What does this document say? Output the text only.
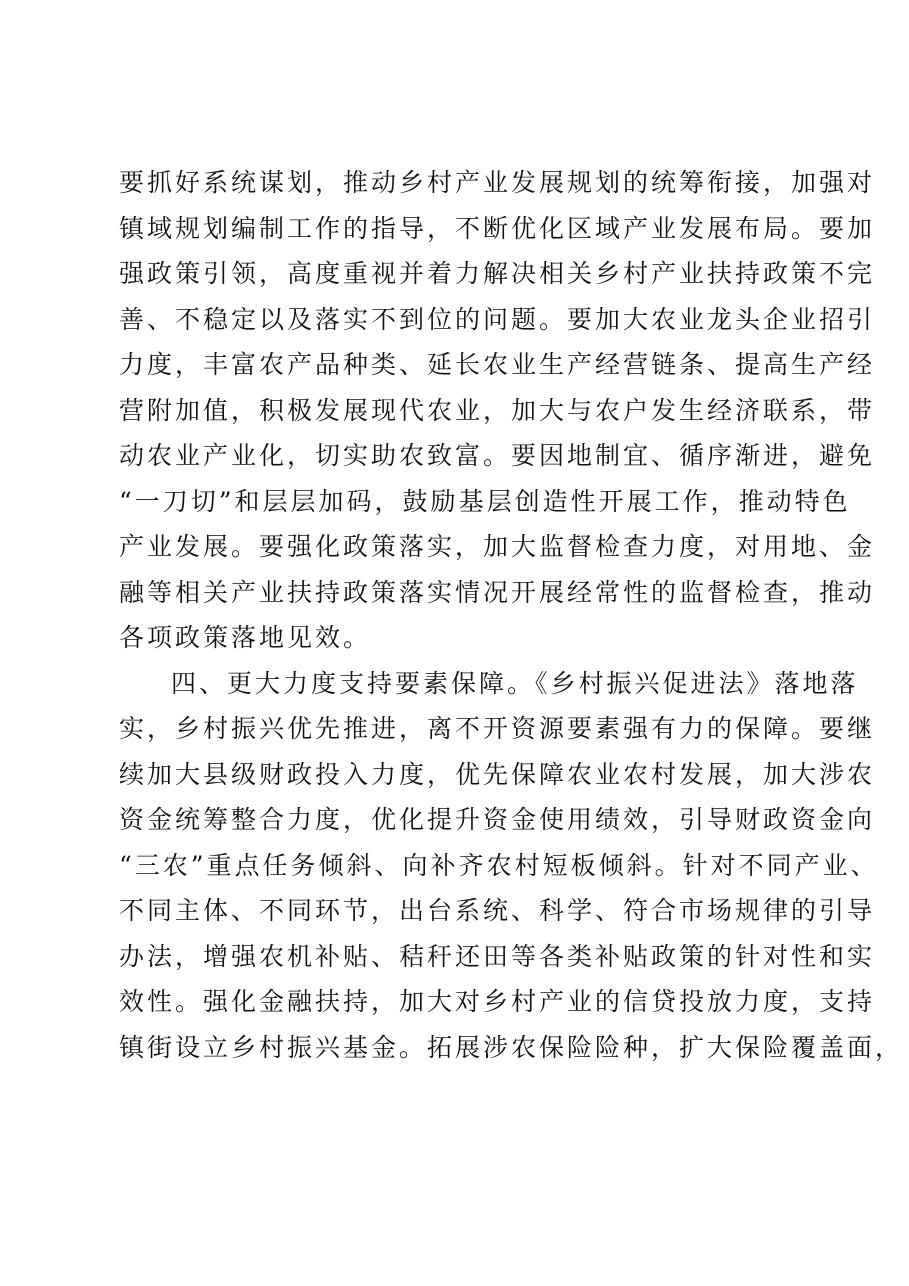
要抓好系统谋划，推动乡村产业发展规划的统筹衔接，加强对
镇域规划编制工作的指导，不断优化区域产业发展布局。要加
强政策引领，高度重视并着力解决相关乡村产业扶持政策不完
善、不稳定以及落实不到位的问题。要加大农业龙头企业招引
力度，丰富农产品种类、延长农业生产经营链条、提高生产经
营附加值，积极发展现代农业，加大与农户发生经济联系，带
动农业产业化，切实助农致富。要因地制宜、循序渐进，避免
“一刀切”和层层加码，鼓励基层创造性开展工作，推动特色
产业发展。要强化政策落实，加大监督检查力度，对用地、金
融等相关产业扶持政策落实情况开展经常性的监督检查，推动
各项政策落地见效。
四、更大力度支持要素保障。《乡村振兴促进法》落地落
实，乡村振兴优先推进，离不开资源要素强有力的保障。要继
续加大县级财政投入力度，优先保障农业农村发展，加大涉农
资金统筹整合力度，优化提升资金使用绩效，引导财政资金向
“三农”重点任务倾斜、向补齐农村短板倾斜。针对不同产业、
不同主体、不同环节，出台系统、科学、符合市场规律的引导
办法，增强农机补贴、秸秆还田等各类补贴政策的针对性和实
效性。强化金融扶持，加大对乡村产业的信贷投放力度，支持
镇街设立乡村振兴基金。拓展涉农保险险种，扩大保险覆盖面，
